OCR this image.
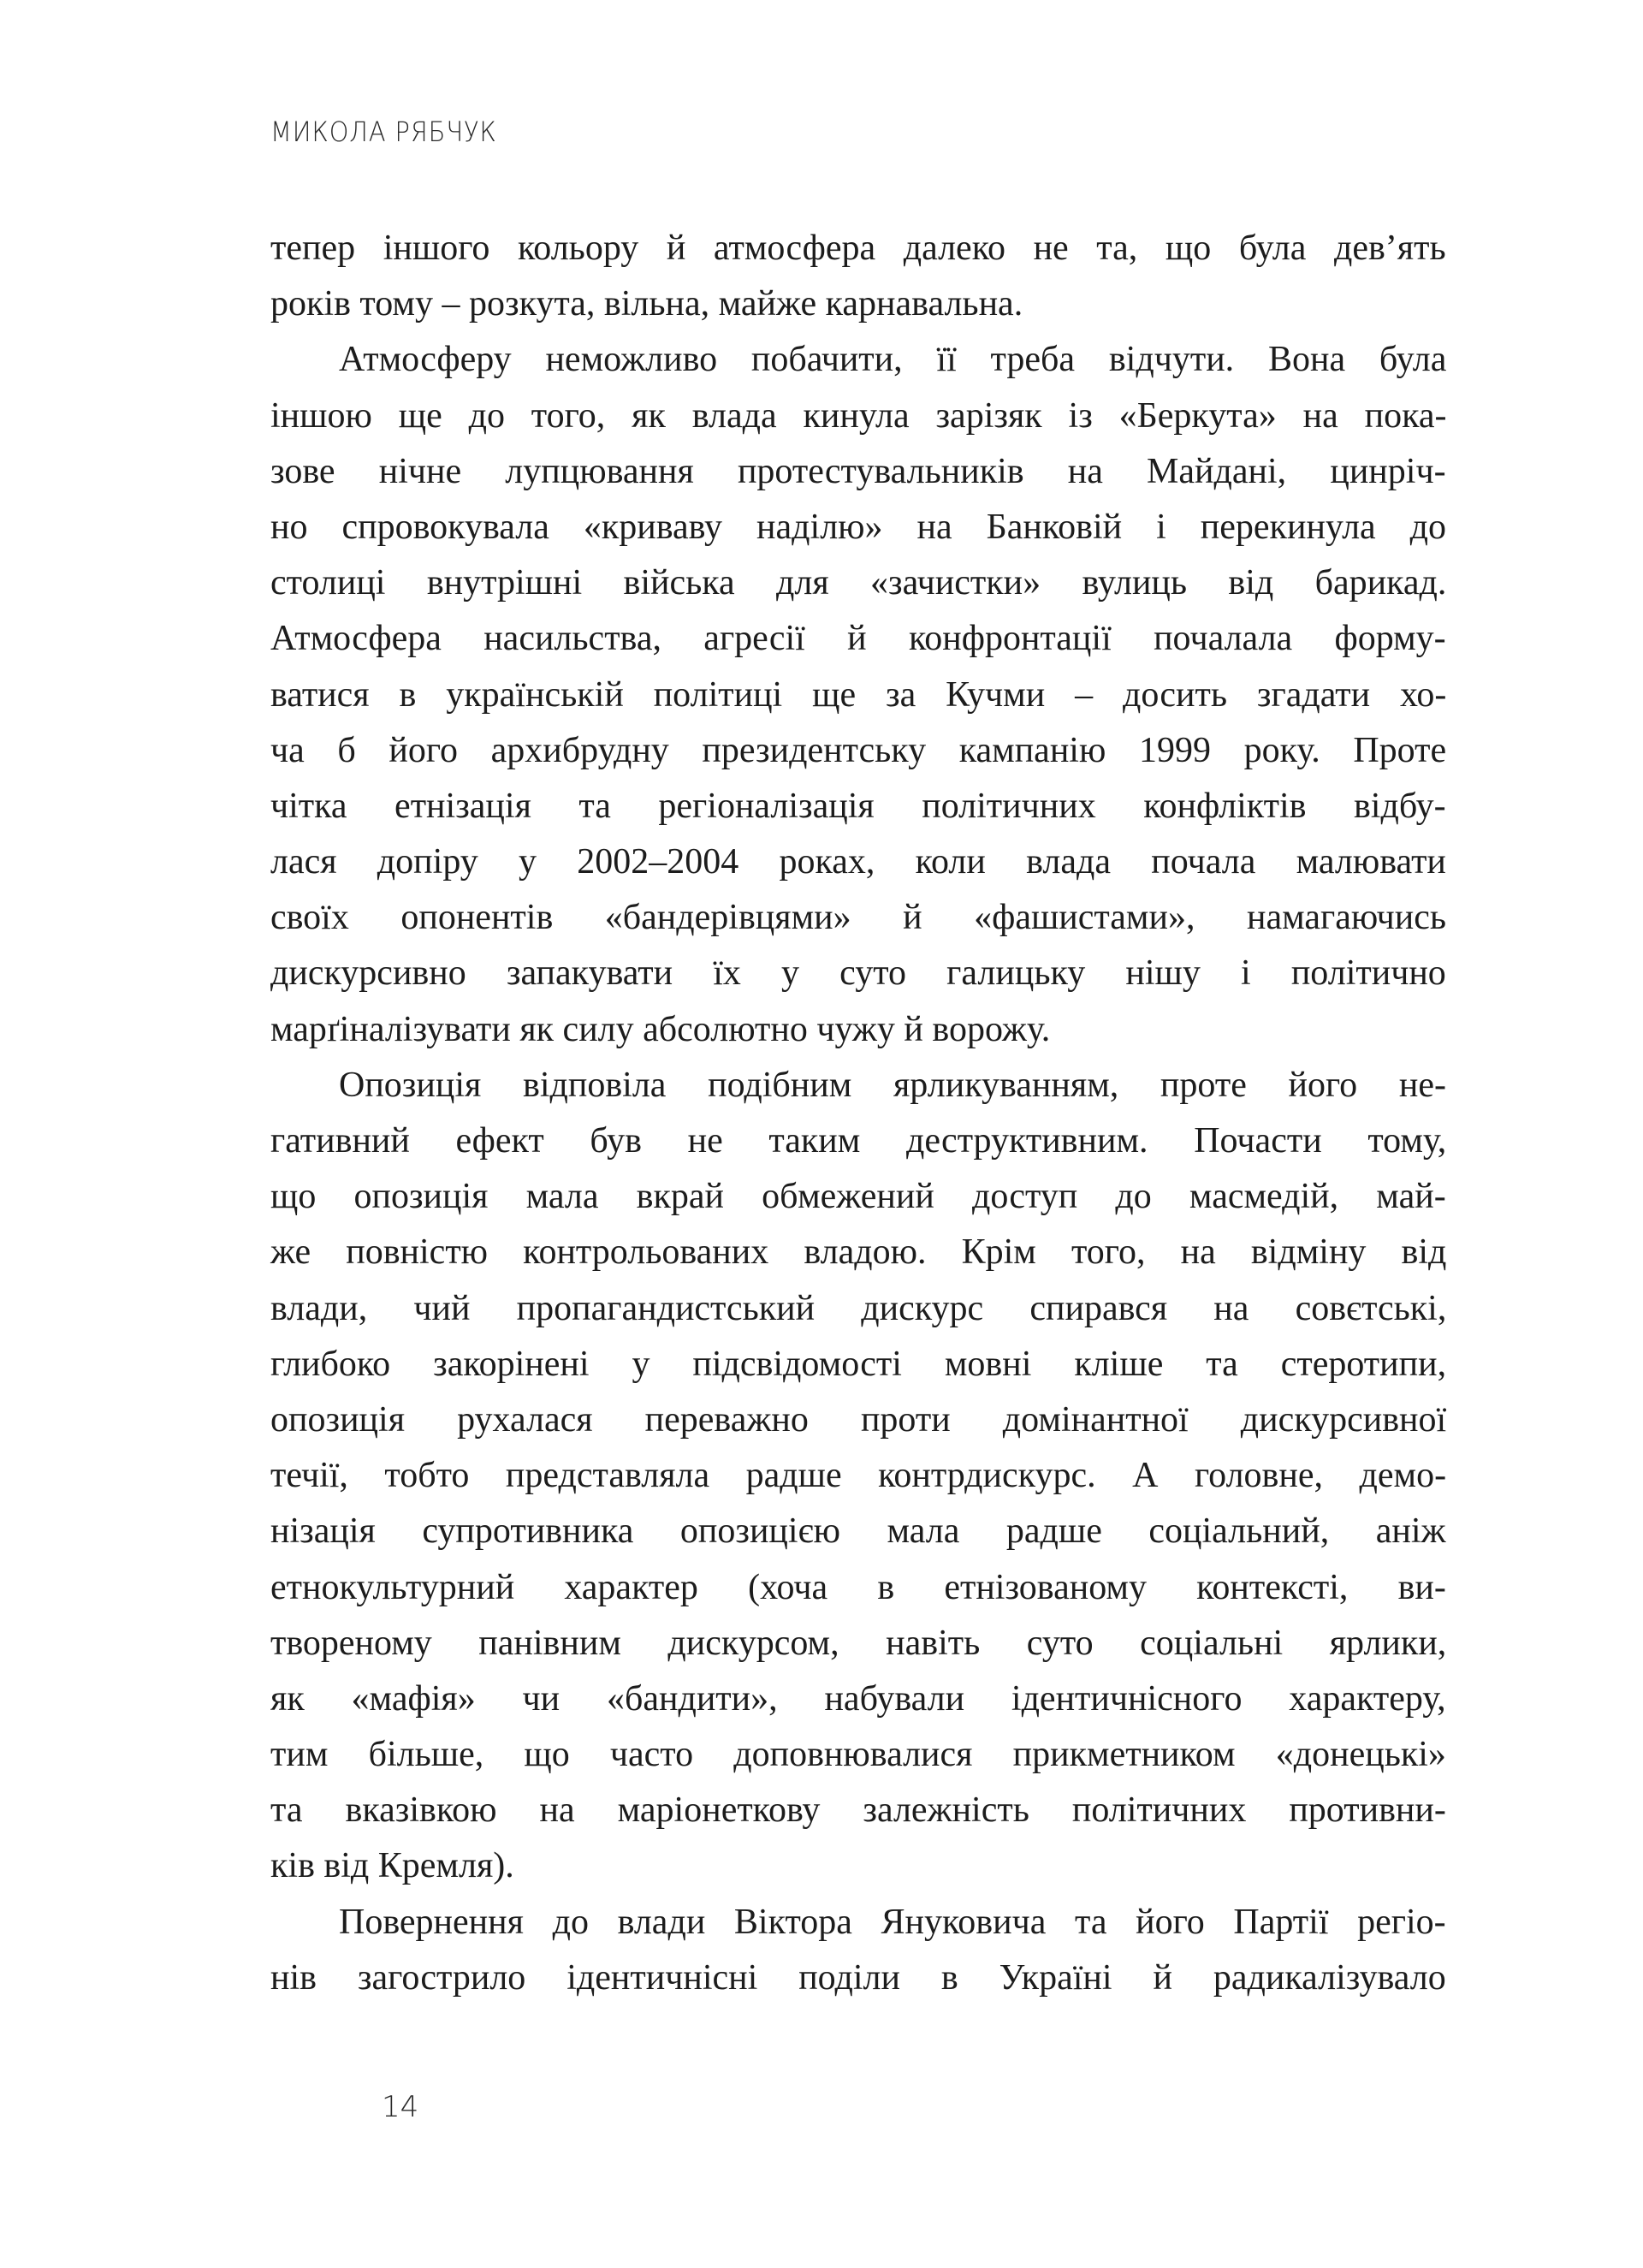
МИКОЛА РЯБЧУК
тепер іншого кольору й атмосфера далеко не та, що була дев’ять
років тому – розкута, вільна, майже карнавальна.
Атмосферу неможливо побачити, її треба відчути. Вона була
іншою ще до того, як влада кинула зарізяк із «Беркута» на пока-
зове нічне лупцювання протестувальників на Майдані, цинріч-
но спровокувала «криваву наділю» на Банковій і перекинула до
столиці внутрішні війська для «зачистки» вулиць від барикад.
Атмосфера насильства, агресії й конфронтації почалала форму-
ватися в українській політиці ще за Кучми – досить згадати хо-
ча б його архибрудну президентську кампанію 1999 року. Проте
чітка етнізація та регіоналізація політичних конфліктів відбу-
лася допіру у 2002–2004 роках, коли влада почала малювати
своїх опонентів «бандерівцями» й «фашистами», намагаючись
дискурсивно запакувати їх у суто галицьку нішу і політично
марґіналізувати як силу абсолютно чужу й ворожу.
Опозиція відповіла подібним ярликуванням, проте його не-
гативний ефект був не таким деструктивним. Почасти тому,
що опозиція мала вкрай обмежений доступ до масмедій, май-
же повністю контрольованих владою. Крім того, на відміну від
влади, чий пропагандистський дискурс спирався на совєтські,
глибоко закорінені у підсвідомості мовні кліше та стеротипи,
опозиція рухалася переважно проти домінантної дискурсивної
течії, тобто представляла радше контрдискурс. А головне, демо-
нізація супротивника опозицією мала радше соціальний, аніж
етнокультурний характер (хоча в етнізованому контексті, ви-
твореному панівним дискурсом, навіть суто соціальні ярлики,
як «мафія» чи «бандити», набували ідентичнісного характеру,
тим більше, що часто доповнювалися прикметником «донецькі»
та вказівкою на маріонеткову залежність політичних противни-
ків від Кремля).
Повернення до влади Віктора Януковича та його Партії регіо-
нів загострило ідентичнісні поділи в Україні й радикалізувало
14
